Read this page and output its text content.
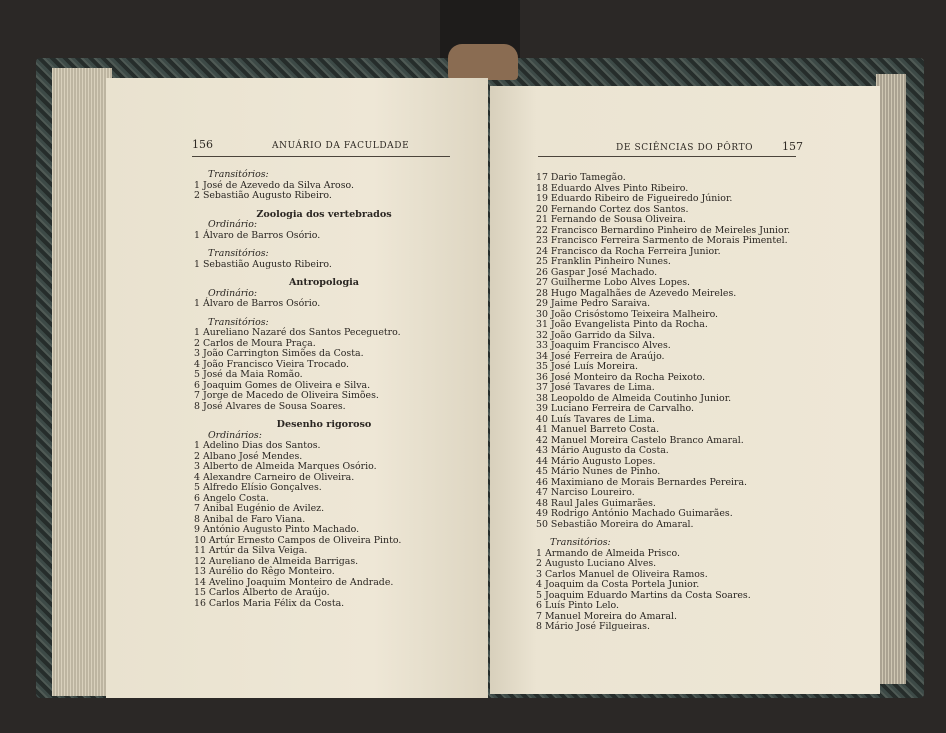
156	ANUÁRIO DA FACULDADE
Transitórios:
1 José de Azevedo da Silva Aroso.
2 Sebastião Augusto Ribeiro.
Zoologia dos vertebrados
Ordinário:
1 Álvaro de Barros Osório.
Transitórios:
1 Sebastião Augusto Ribeiro.
Antropologia
Ordinário:
1 Álvaro de Barros Osório.
Transitórios:
1 Aureliano Nazaré dos Santos Peceguetro.
2 Carlos de Moura Praça.
3 João Carrington Simões da Costa.
4 João Francisco Vieira Trocado.
5 José da Maia Romão.
6 Joaquim Gomes de Oliveira e Silva.
7 Jorge de Macedo de Oliveira Simões.
8 José Alvares de Sousa Soares.
Desenho rigoroso
Ordinários:
1 Adelino Dias dos Santos.
2 Albano José Mendes.
3 Alberto de Almeida Marques Osório.
4 Alexandre Carneiro de Oliveira.
5 Alfredo Elísio Gonçalves.
6 Angelo Costa.
7 Anibal Eugénio de Avilez.
8 Anibal de Faro Viana.
9 António Augusto Pinto Machado.
10 Artúr Ernesto Campos de Oliveira Pinto.
11 Artúr da Silva Veiga.
12 Aureliano de Almeida Barrigas.
13 Aurélio do Rêgo Monteiro.
14 Avelino Joaquim Monteiro de Andrade.
15 Carlos Alberto de Araújo.
16 Carlos Maria Félix da Costa.
DE SCIÊNCIAS DO PÔRTO	157
17 Dario Tamegão.
18 Eduardo Alves Pinto Ribeiro.
19 Eduardo Ribeiro de Figueiredo Júnior.
20 Fernando Cortez dos Santos.
21 Fernando de Sousa Oliveira.
22 Francisco Bernardino Pinheiro de Meireles Junior.
23 Francisco Ferreira Sarmento de Morais Pimentel.
24 Francisco da Rocha Ferreira Junior.
25 Franklin Pinheiro Nunes.
26 Gaspar José Machado.
27 Guilherme Lobo Alves Lopes.
28 Hugo Magalhães de Azevedo Meireles.
29 Jaime Pedro Saraiva.
30 João Crisóstomo Teixeira Malheiro.
31 João Evangelista Pinto da Rocha.
32 João Garrido da Silva.
33 Joaquim Francisco Alves.
34 José Ferreira de Araújo.
35 José Luís Moreira.
36 José Monteiro da Rocha Peixoto.
37 José Tavares de Lima.
38 Leopoldo de Almeida Coutinho Junior.
39 Luciano Ferreira de Carvalho.
40 Luís Tavares de Lima.
41 Manuel Barreto Costa.
42 Manuel Moreira Castelo Branco Amaral.
43 Mário Augusto da Costa.
44 Mário Augusto Lopes.
45 Mário Nunes de Pinho.
46 Maximiano de Morais Bernardes Pereira.
47 Narciso Loureiro.
48 Raul Jales Guimarães.
49 Rodrigo António Machado Guimarães.
50 Sebastião Moreira do Amaral.
Transitórios:
1 Armando de Almeida Prisco.
2 Augusto Luciano Alves.
3 Carlos Manuel de Oliveira Ramos.
4 Joaquim da Costa Portela Junior.
5 Joaquim Eduardo Martins da Costa Soares.
6 Luís Pinto Lelo.
7 Manuel Moreira do Amaral.
8 Mário José Filgueiras.
